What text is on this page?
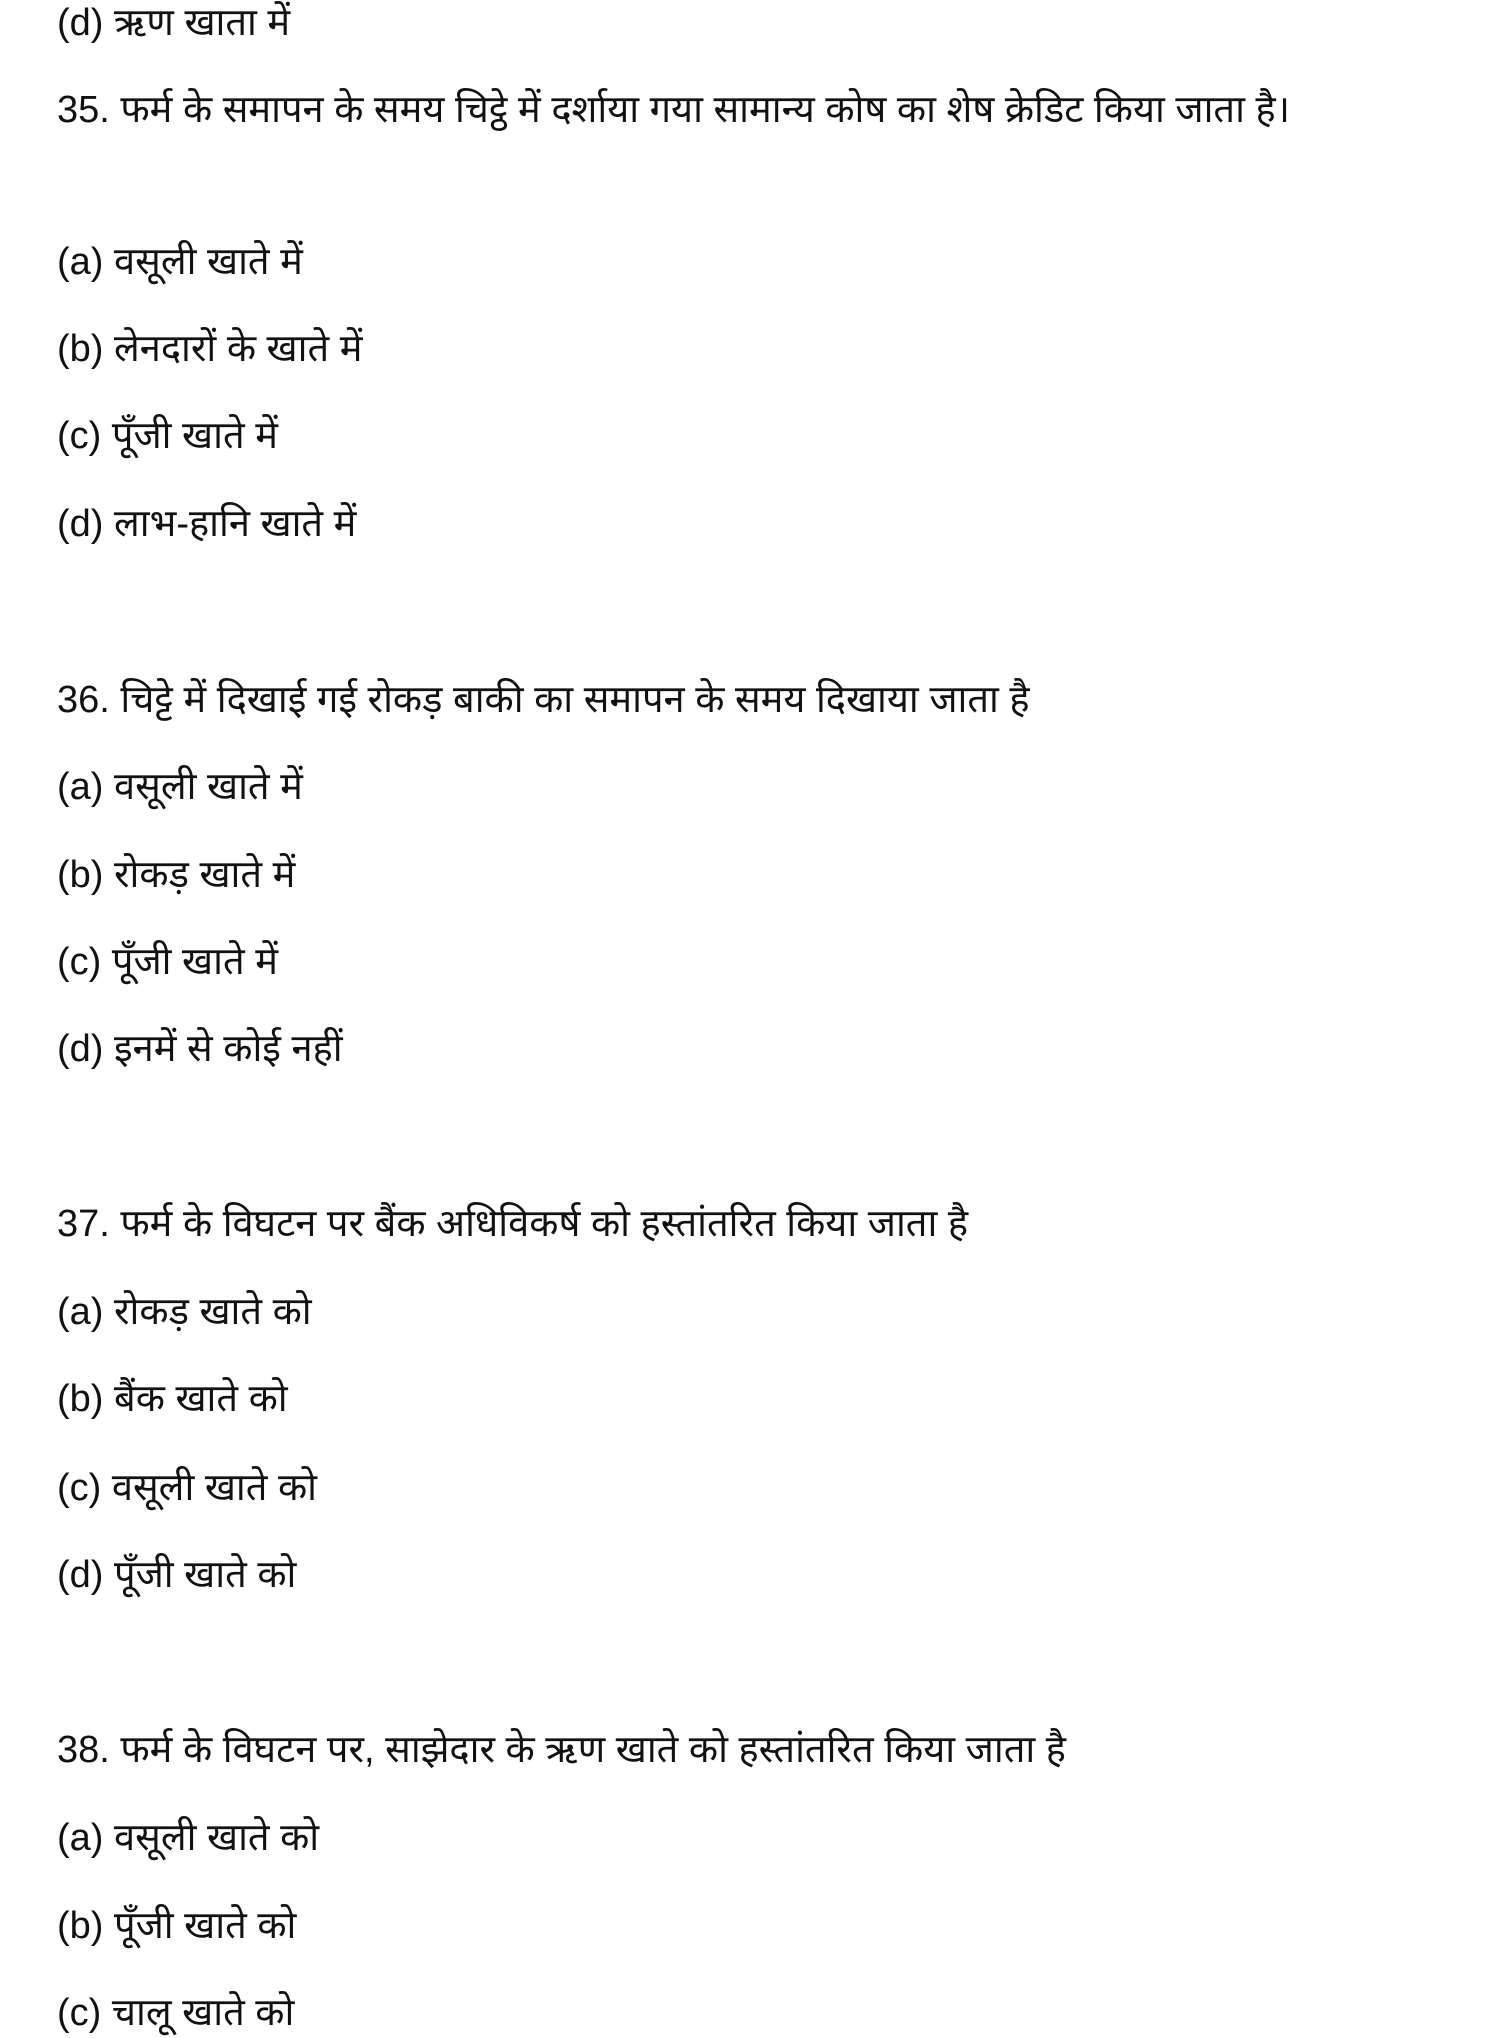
(d) ऋण खाता में
35. फर्म के समापन के समय चिट्ठे में दर्शाया गया सामान्य कोष का शेष क्रेडिट किया जाता है।
(a) वसूली खाते में
(b) लेनदारों के खाते में
(c) पूँजी खाते में
(d) लाभ-हानि खाते में
36. चिट्टे में दिखाई गई रोकड़ बाकी का समापन के समय दिखाया जाता है
(a) वसूली खाते में
(b) रोकड़ खाते में
(c) पूँजी खाते में
(d) इनमें से कोई नहीं
37. फर्म के विघटन पर बैंक अधिविकर्ष को हस्तांतरित किया जाता है
(a) रोकड़ खाते को
(b) बैंक खाते को
(c) वसूली खाते को
(d) पूँजी खाते को
38. फर्म के विघटन पर, साझेदार के ऋण खाते को हस्तांतरित किया जाता है
(a) वसूली खाते को
(b) पूँजी खाते को
(c) चालू खाते को
